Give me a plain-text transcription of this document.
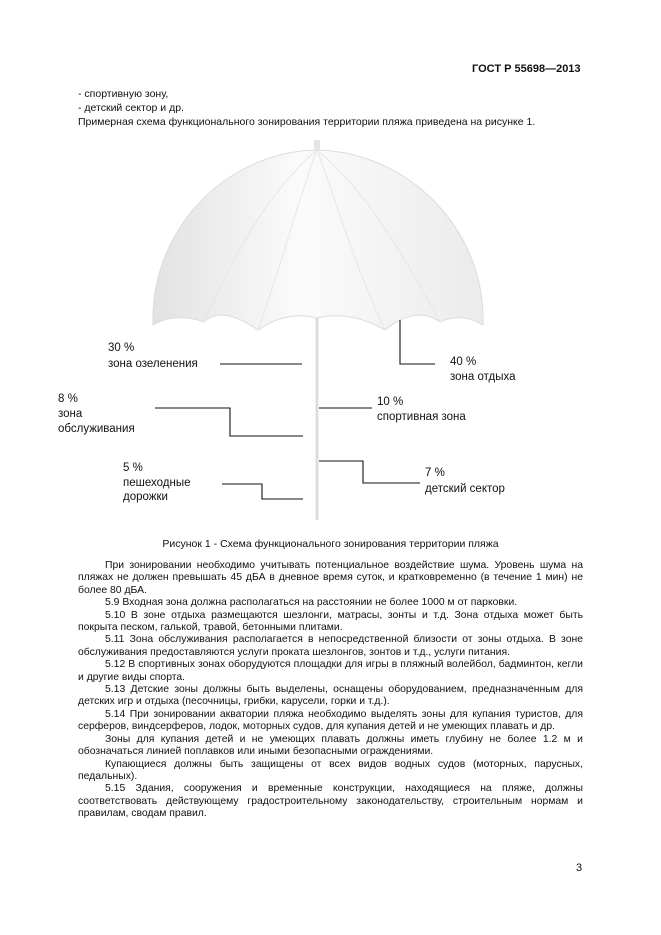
ГОСТ Р 55698—2013
- спортивную зону,
- детский сектор и др.
Примерная схема функционального зонирования территории пляжа приведена на рисунке 1.
30 %
зона озеленения	40 %
зона отдыха
8 %
зона
обслуживания
10 %
спортивная зона
5 %
пешеходные
дорожки
7 %
детский сектор
Рисунок 1 - Схема функционального зонирования территории пляжа

При зонировании необходимо учитывать потенциальное воздействие шума. Уровень шума на пляжах не должен превышать 45 дБА в дневное время суток, и кратковременно (в течение 1 мин) не более 80 дБА.

5.9 Входная зона должна располагаться на расстоянии не более 1000 м от парковки.

5.10 В зоне отдыха размещаются шезлонги, матрасы, зонты и т.д. Зона отдыха может быть покрыта песком, галькой, травой, бетонными плитами.

5.11 Зона обслуживания располагается в непосредственной близости от зоны отдыха. В зоне обслуживания предоставляются услуги проката шезлонгов, зонтов и т.д., услуги питания.

5.12 В спортивных зонах оборудуются площадки для игры в пляжный волейбол, бадминтон, кегли и другие виды спорта.

5.13 Детские зоны должны быть выделены, оснащены оборудованием, предназначенным для детских игр и отдыха (песочницы, грибки, карусели, горки и т.д.).

5.14 При зонировании акватории пляжа необходимо выделять зоны для купания туристов, для серферов, виндсерферов, лодок, моторных судов, для купания детей и не умеющих плавать и др.

Зоны для купания детей и не умеющих плавать должны иметь глубину не более 1.2 м и обозначаться линией поплавков или иными безопасными ограждениями.

Купающиеся должны быть защищены от всех видов водных судов (моторных, парусных, педальных).

5.15 Здания, сооружения и временные конструкции, находящиеся на пляже, должны соответствовать действующему градостроительному законодательству, строительным нормам и правилам, сводам правил.

3
